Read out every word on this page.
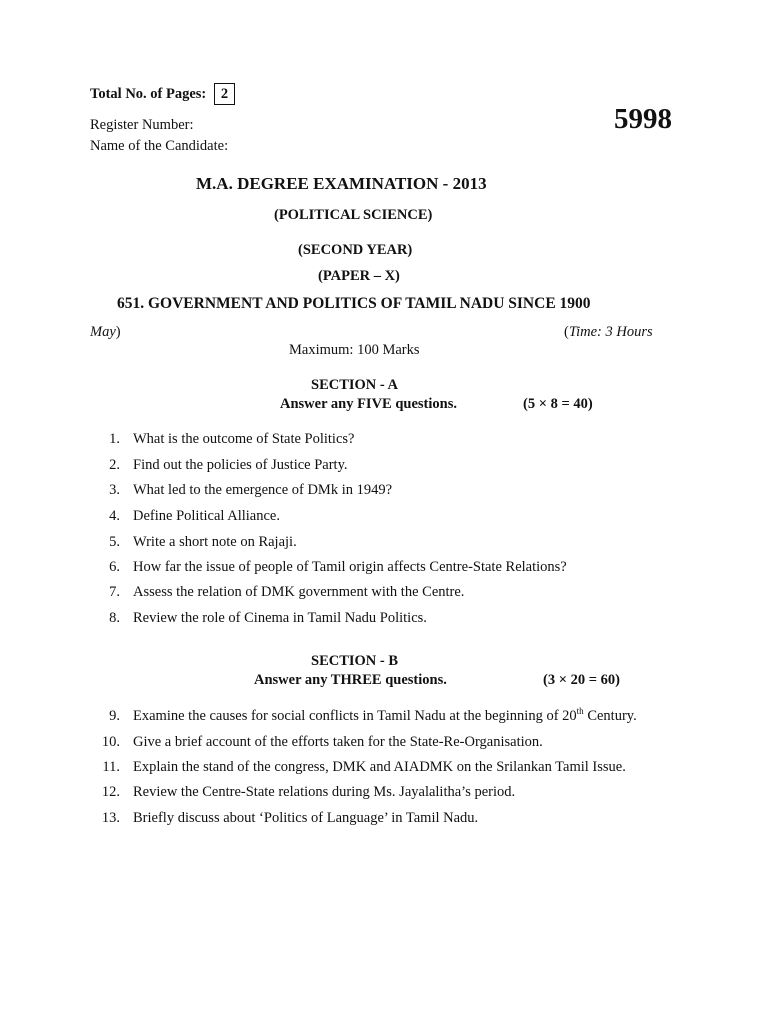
Total No. of Pages: 2
5998
Register Number:
Name of the Candidate:
M.A. DEGREE EXAMINATION - 2013
(POLITICAL SCIENCE)
(SECOND YEAR)
(PAPER – X)
651. GOVERNMENT AND POLITICS OF TAMIL NADU SINCE 1900
May)	(Time: 3 Hours
Maximum: 100 Marks
SECTION - A
Answer any FIVE questions.	(5 × 8 = 40)
1. What is the outcome of State Politics?
2. Find out the policies of Justice Party.
3. What led to the emergence of DMk in 1949?
4. Define Political Alliance.
5. Write a short note on Rajaji.
6. How far the issue of people of Tamil origin affects Centre-State Relations?
7. Assess the relation of DMK government with the Centre.
8. Review the role of Cinema in Tamil Nadu Politics.
SECTION - B
Answer any THREE questions.	(3 × 20 = 60)
9. Examine the causes for social conflicts in Tamil Nadu at the beginning of 20th Century.
10. Give a brief account of the efforts taken for the State-Re-Organisation.
11. Explain the stand of the congress, DMK and AIADMK on the Srilankan Tamil Issue.
12. Review the Centre-State relations during Ms. Jayalalitha’s period.
13. Briefly discuss about ‘Politics of Language’ in Tamil Nadu.
